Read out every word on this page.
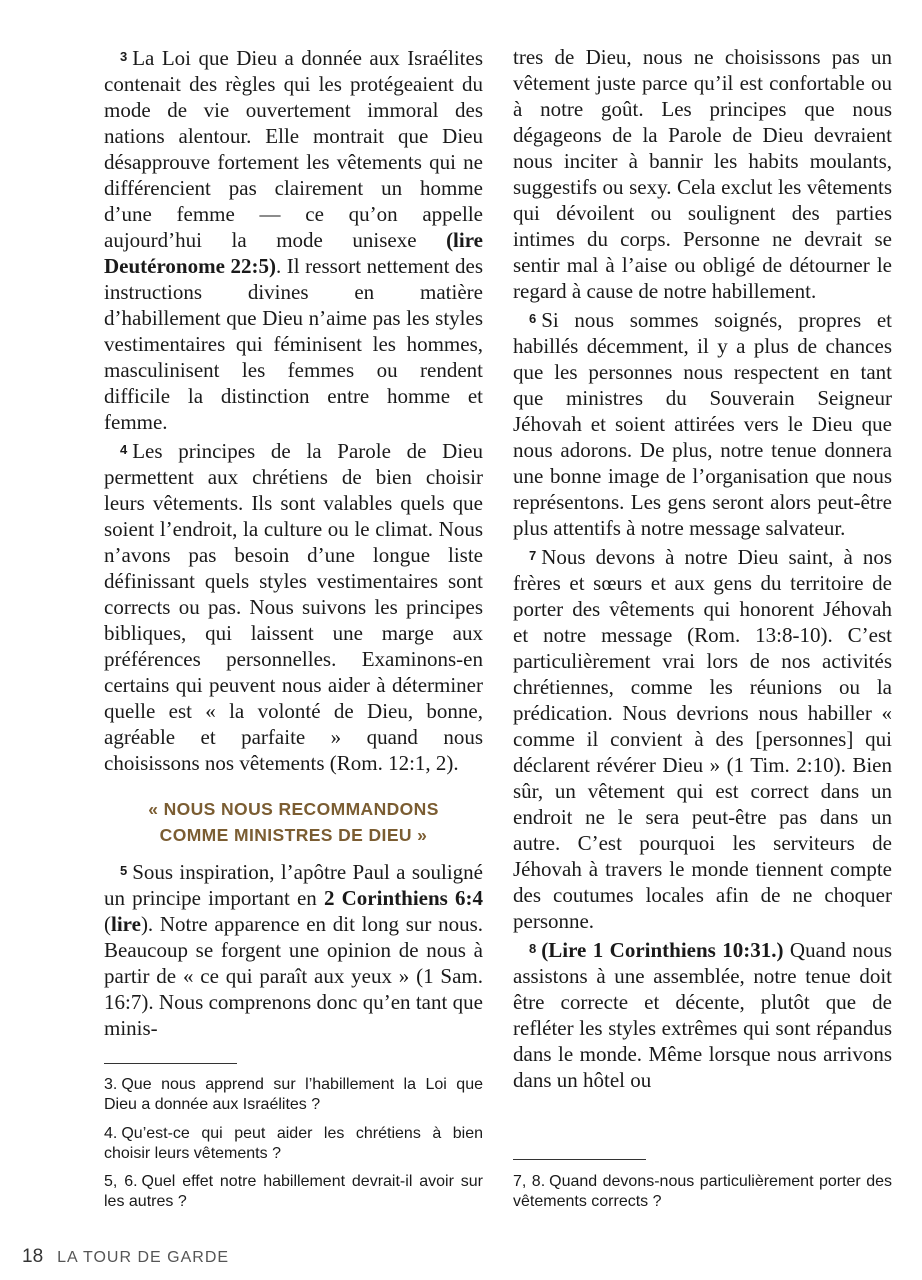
3 La Loi que Dieu a donnée aux Israélites contenait des règles qui les protégeaient du mode de vie ouvertement immoral des nations alentour. Elle montrait que Dieu désapprouve fortement les vêtements qui ne différencient pas clairement un homme d’une femme — ce qu’on appelle aujourd’hui la mode unisexe (lire Deutéronome 22:5). Il ressort nettement des instructions divines en matière d’habillement que Dieu n’aime pas les styles vestimentaires qui féminisent les hommes, masculinisent les femmes ou rendent difficile la distinction entre homme et femme.

4 Les principes de la Parole de Dieu permettent aux chrétiens de bien choisir leurs vêtements. Ils sont valables quels que soient l’endroit, la culture ou le climat. Nous n’avons pas besoin d’une longue liste définissant quels styles vestimentaires sont corrects ou pas. Nous suivons les principes bibliques, qui laissent une marge aux préférences personnelles. Examinons-en certains qui peuvent nous aider à déterminer quelle est « la volonté de Dieu, bonne, agréable et parfaite » quand nous choisissons nos vêtements (Rom. 12:1, 2).

« NOUS NOUS RECOMMANDONS
COMME MINISTRES DE DIEU »

5 Sous inspiration, l’apôtre Paul a souligné un principe important en 2 Corinthiens 6:4 (lire). Notre apparence en dit long sur nous. Beaucoup se forgent une opinion de nous à partir de « ce qui paraît aux yeux » (1 Sam. 16:7). Nous comprenons donc qu’en tant que minis-

tres de Dieu, nous ne choisissons pas un vêtement juste parce qu’il est confortable ou à notre goût. Les principes que nous dégageons de la Parole de Dieu devraient nous inciter à bannir les habits moulants, suggestifs ou sexy. Cela exclut les vêtements qui dévoilent ou soulignent des parties intimes du corps. Personne ne devrait se sentir mal à l’aise ou obligé de détourner le regard à cause de notre habillement.

6 Si nous sommes soignés, propres et habillés décemment, il y a plus de chances que les personnes nous respectent en tant que ministres du Souverain Seigneur Jéhovah et soient attirées vers le Dieu que nous adorons. De plus, notre tenue donnera une bonne image de l’organisation que nous représentons. Les gens seront alors peut-être plus attentifs à notre message salvateur.

7 Nous devons à notre Dieu saint, à nos frères et sœurs et aux gens du territoire de porter des vêtements qui honorent Jéhovah et notre message (Rom. 13:8-10). C’est particulièrement vrai lors de nos activités chrétiennes, comme les réunions ou la prédication. Nous devrions nous habiller « comme il convient à des [personnes] qui déclarent révérer Dieu » (1 Tim. 2:10). Bien sûr, un vêtement qui est correct dans un endroit ne le sera peut-être pas dans un autre. C’est pourquoi les serviteurs de Jéhovah à travers le monde tiennent compte des coutumes locales afin de ne choquer personne.

8 (Lire 1 Corinthiens 10:31.) Quand nous assistons à une assemblée, notre tenue doit être correcte et décente, plutôt que de refléter les styles extrêmes qui sont répandus dans le monde. Même lorsque nous arrivons dans un hôtel ou

3. Que nous apprend sur l’habillement la Loi que Dieu a donnée aux Israélites ?
4. Qu’est-ce qui peut aider les chrétiens à bien choisir leurs vêtements ?
5, 6. Quel effet notre habillement devrait-il avoir sur les autres ?
7, 8. Quand devons-nous particulièrement porter des vêtements corrects ?
18 LA TOUR DE GARDE
